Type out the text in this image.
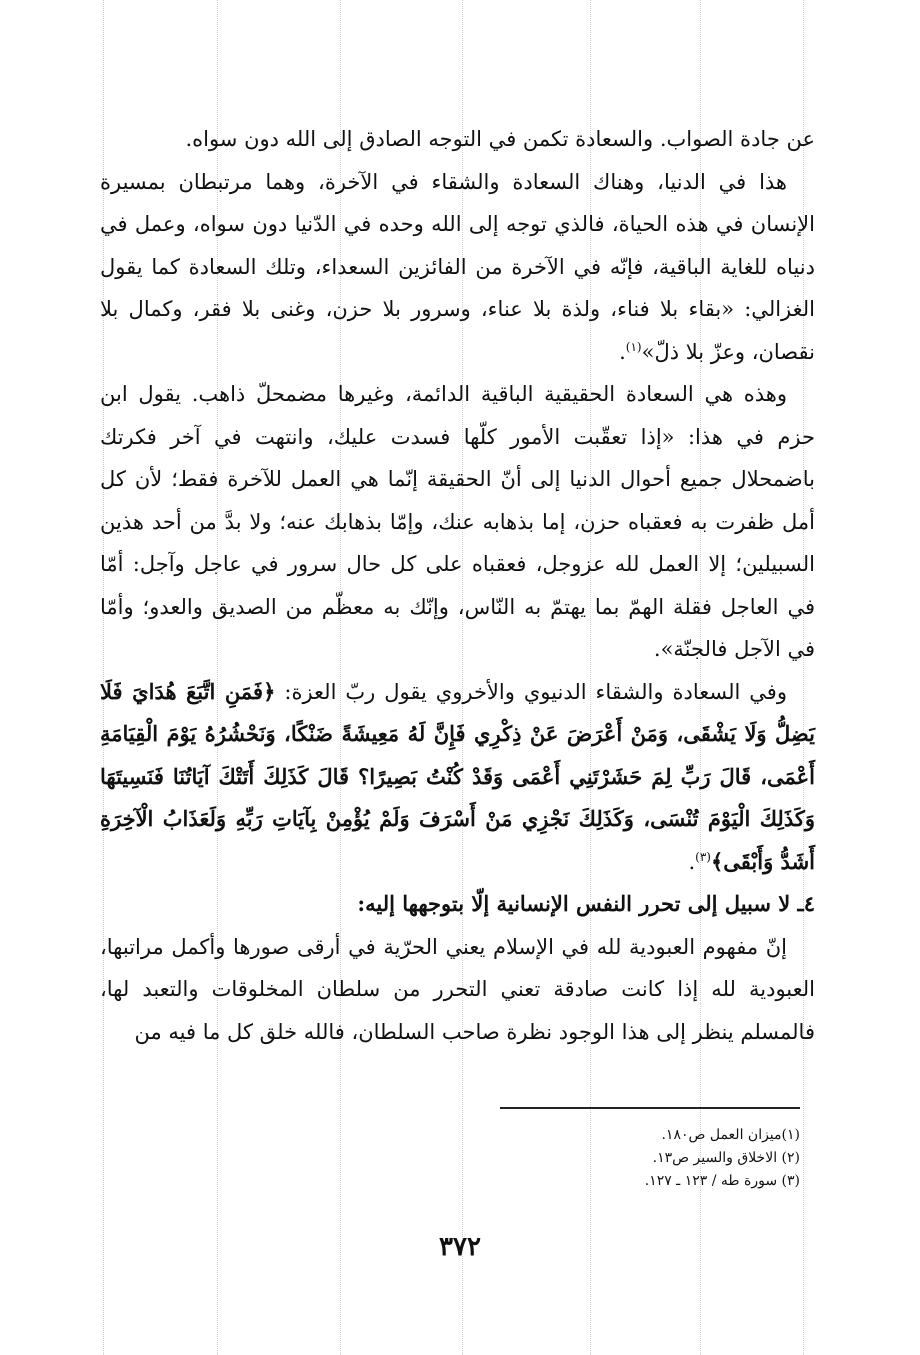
عن جادة الصواب. والسعادة تكمن في التوجه الصادق إلى الله دون سواه.

هذا في الدنيا، وهناك السعادة والشقاء في الآخرة، وهما مرتبطان بمسيرة الإنسان في هذه الحياة، فالذي توجه إلى الله وحده في الدّنيا دون سواه، وعمل في دنياه للغاية الباقية، فإنّه في الآخرة من الفائزين السعداء، وتلك السعادة كما يقول الغزالي: «بقاء بلا فناء، ولذة بلا عناء، وسرور بلا حزن، وغنى بلا فقر، وكمال بلا نقصان، وعزّ بلا ذلّ»$^{(١)}$.

وهذه هي السعادة الحقيقية الباقية الدائمة، وغيرها مضمحلّ ذاهب. يقول ابن حزم في هذا: «إذا تعقّبت الأمور كلّها فسدت عليك، وانتهت في آخر فكرتك باضمحلال جميع أحوال الدنيا إلى أنّ الحقيقة إنّما هي العمل للآخرة فقط؛ لأن كل أمل ظفرت به فعقباه حزن، إما بذهابه عنك، وإمّا بذهابك عنه؛ ولا بدَّ من أحد هذين السبيلين؛ إلا العمل لله عزوجل، فعقباه على كل حال سرور في عاجل وآجل: أمّا في العاجل فقلة الهمّ بما يهتمّ به النّاس، وإنّك به معظّم من الصديق والعدو؛ وأمّا في الآجل فالجنّة».

وفي السعادة والشقاء الدنيوي والأخروي يقول ربّ العزة: ﴿فَمَنِ اتَّبَعَ هُدَايَ فَلَا يَضِلُّ وَلَا يَشْقَى، وَمَنْ أَعْرَضَ عَنْ ذِكْرِي فَإِنَّ لَهُ مَعِيشَةً ضَنْكًا، وَنَحْشُرُهُ يَوْمَ الْقِيَامَةِ أَعْمَى، قَالَ رَبِّ لِمَ حَشَرْتَنِي أَعْمَى وَقَدْ كُنْتُ بَصِيرًا؟ قَالَ كَذَلِكَ أَتَتْكَ آيَاتُنَا فَنَسِيتَهَا وَكَذَلِكَ الْيَوْمَ تُنْسَى، وَكَذَلِكَ نَجْزِي مَنْ أَسْرَفَ وَلَمْ يُؤْمِنْ بِآيَاتِ رَبِّهِ وَلَعَذَابُ الْآخِرَةِ أَشَدُّ وَأَبْقَى﴾$^{(٣)}$.

٤ـ لا سبيل إلى تحرر النفس الإنسانية إلّا بتوجهها إليه:

إنّ مفهوم العبودية لله في الإسلام يعني الحرّية في أرقى صورها وأكمل مراتبها، العبودية لله إذا كانت صادقة تعني التحرر من سلطان المخلوقات والتعبد لها، فالمسلم ينظر إلى هذا الوجود نظرة صاحب السلطان، فالله خلق كل ما فيه من

(١)ميزان العمل ص١٨٠.
(٢) الاخلاق والسير ص١٣.
(٣) سورة طه / ١٢٣ ـ ١٢٧.
٣٧٢
